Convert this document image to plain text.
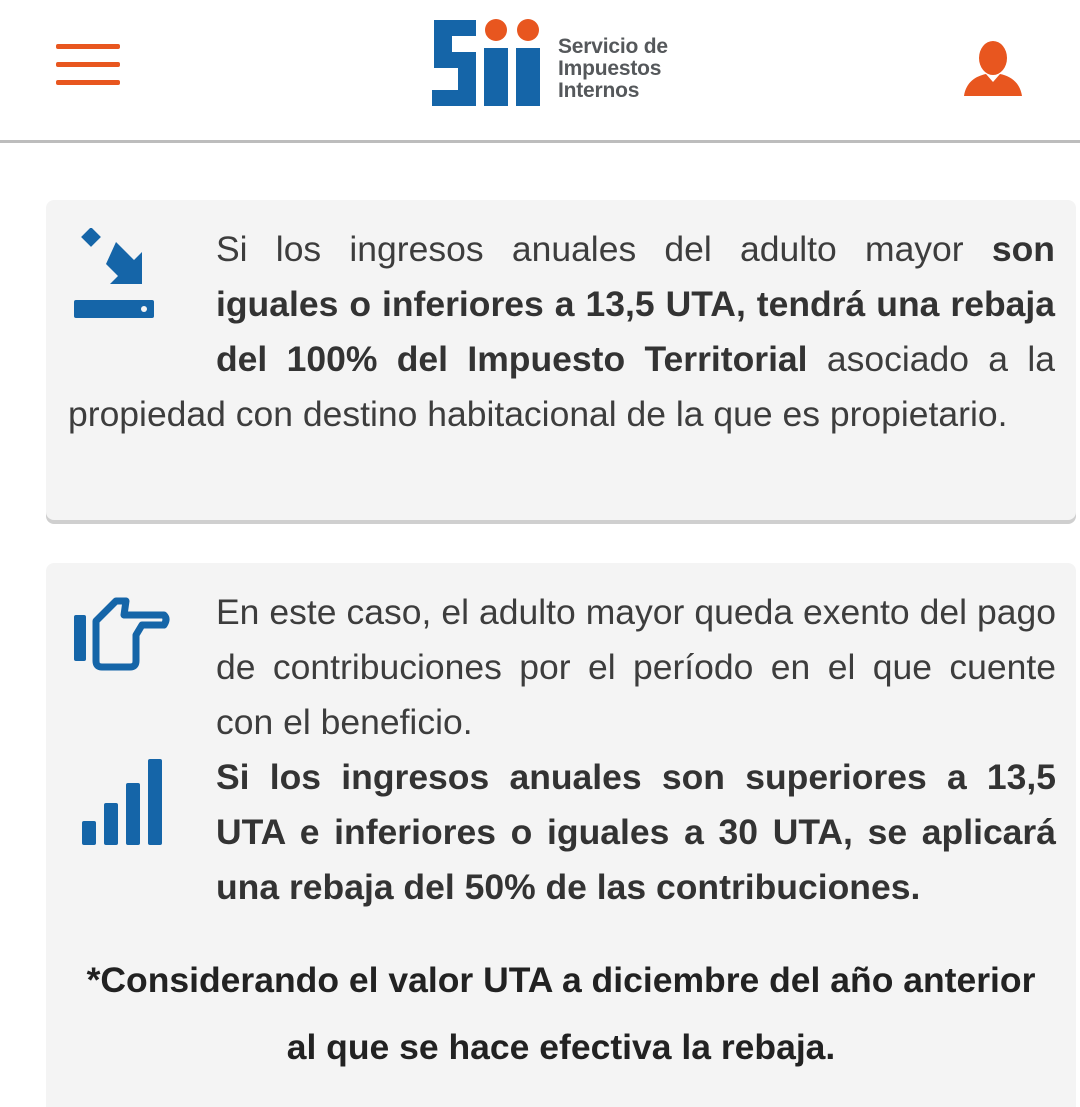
Servicio de
Impuestos
Internos
Si los ingresos anuales del adulto mayor son iguales o inferiores a 13,5 UTA, tendrá una rebaja del 100% del Impuesto Territorial asociado a la propiedad con destino habitacional de la que es propietario.
En este caso, el adulto mayor queda exento del pago de contribuciones por el período en el que cuente con el beneficio.
Si los ingresos anuales son superiores a 13,5 UTA e inferiores o iguales a 30 UTA, se aplicará una rebaja del 50% de las contribuciones.
*Considerando el valor UTA a diciembre del año anterior al que se hace efectiva la rebaja.
